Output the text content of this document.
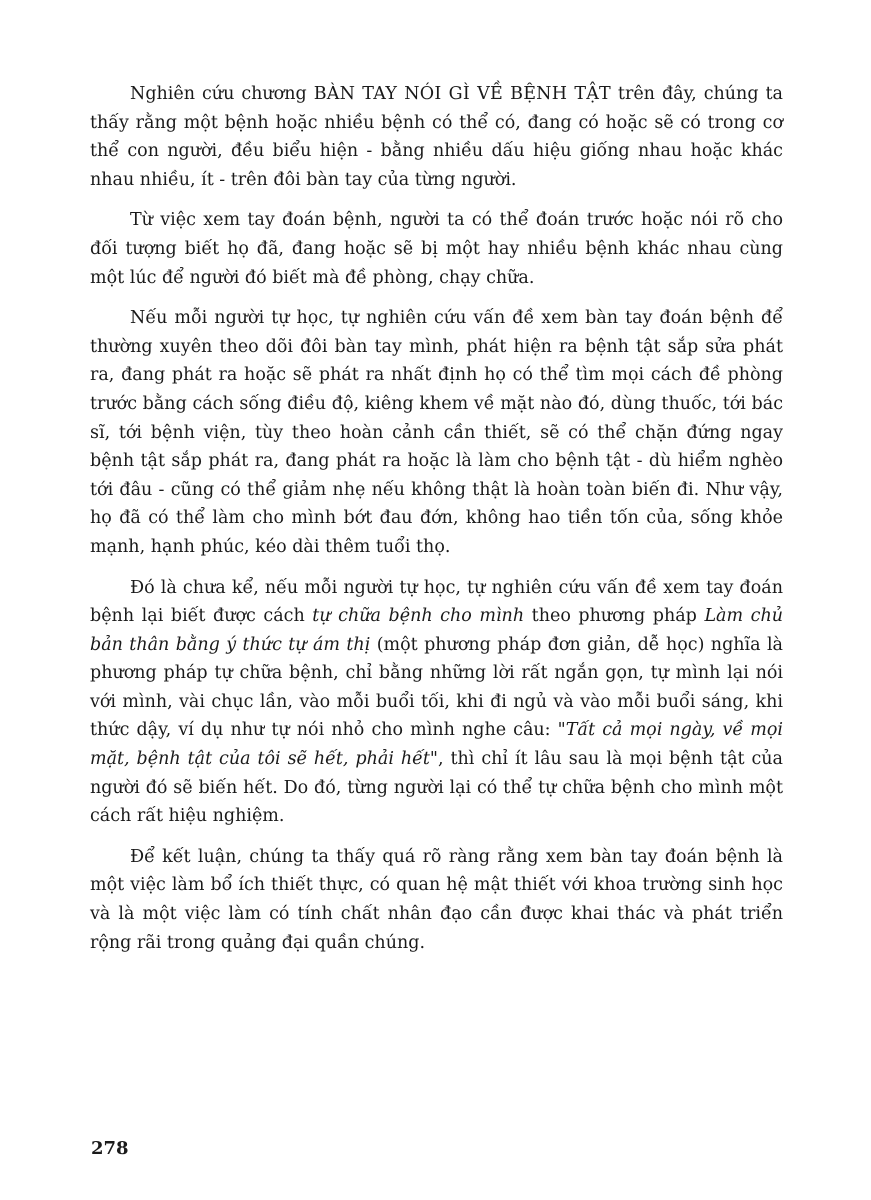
Nghiên cứu chương BÀN TAY NÓI GÌ VỀ BỆNH TẬT trên đây, chúng ta thấy rằng một bệnh hoặc nhiều bệnh có thể có, đang có hoặc sẽ có trong cơ thể con người, đều biểu hiện - bằng nhiều dấu hiệu giống nhau hoặc khác nhau nhiều, ít - trên đôi bàn tay của từng người.

Từ việc xem tay đoán bệnh, người ta có thể đoán trước hoặc nói rõ cho đối tượng biết họ đã, đang hoặc sẽ bị một hay nhiều bệnh khác nhau cùng một lúc để người đó biết mà đề phòng, chạy chữa.

Nếu mỗi người tự học, tự nghiên cứu vấn đề xem bàn tay đoán bệnh để thường xuyên theo dõi đôi bàn tay mình, phát hiện ra bệnh tật sắp sửa phát ra, đang phát ra hoặc sẽ phát ra nhất định họ có thể tìm mọi cách đề phòng trước bằng cách sống điều độ, kiêng khem về mặt nào đó, dùng thuốc, tới bác sĩ, tới bệnh viện, tùy theo hoàn cảnh cần thiết, sẽ có thể chặn đứng ngay bệnh tật sắp phát ra, đang phát ra hoặc là làm cho bệnh tật - dù hiểm nghèo tới đâu - cũng có thể giảm nhẹ nếu không thật là hoàn toàn biến đi. Như vậy, họ đã có thể làm cho mình bớt đau đớn, không hao tiền tốn của, sống khỏe mạnh, hạnh phúc, kéo dài thêm tuổi thọ.

Đó là chưa kể, nếu mỗi người tự học, tự nghiên cứu vấn đề xem tay đoán bệnh lại biết được cách tự chữa bệnh cho mình theo phương pháp Làm chủ bản thân bằng ý thức tự ám thị (một phương pháp đơn giản, dễ học) nghĩa là phương pháp tự chữa bệnh, chỉ bằng những lời rất ngắn gọn, tự mình lại nói với mình, vài chục lần, vào mỗi buổi tối, khi đi ngủ và vào mỗi buổi sáng, khi thức dậy, ví dụ như tự nói nhỏ cho mình nghe câu: "Tất cả mọi ngày, về mọi mặt, bệnh tật của tôi sẽ hết, phải hết", thì chỉ ít lâu sau là mọi bệnh tật của người đó sẽ biến hết. Do đó, từng người lại có thể tự chữa bệnh cho mình một cách rất hiệu nghiệm.

Để kết luận, chúng ta thấy quá rõ ràng rằng xem bàn tay đoán bệnh là một việc làm bổ ích thiết thực, có quan hệ mật thiết với khoa trường sinh học và là một việc làm có tính chất nhân đạo cần được khai thác và phát triển rộng rãi trong quảng đại quần chúng.

278
